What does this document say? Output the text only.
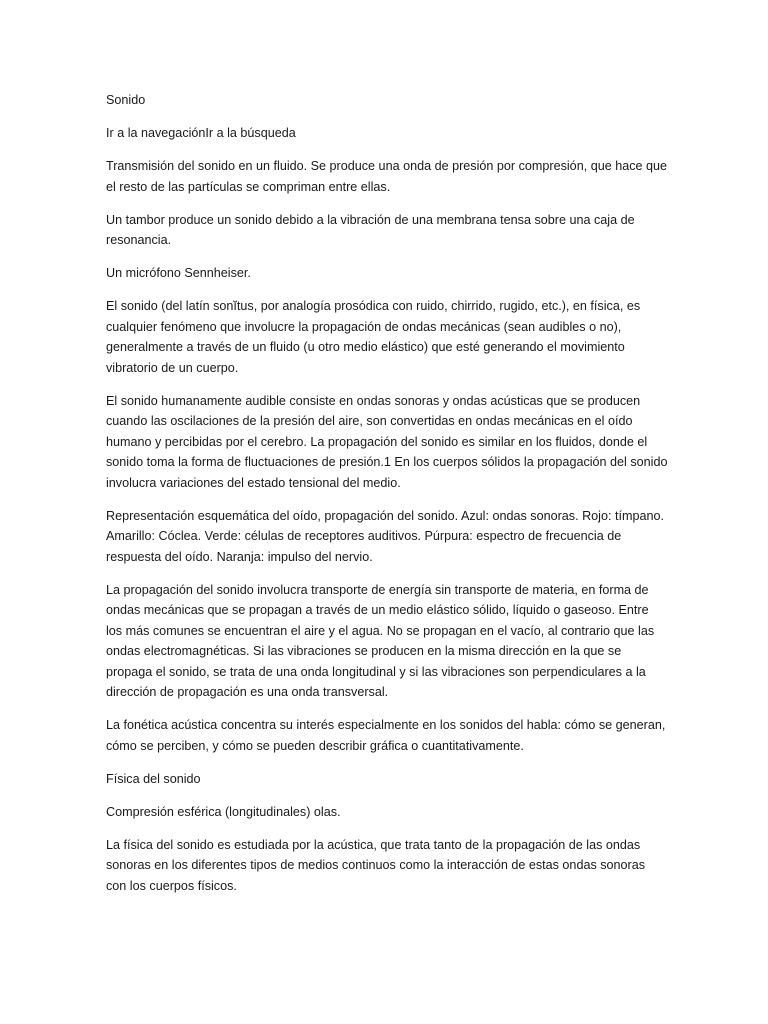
Sonido

Ir a la navegaciónIr a la búsqueda

Transmisión del sonido en un fluido. Se produce una onda de presión por compresión, que hace que el resto de las partículas se compriman entre ellas.

Un tambor produce un sonido debido a la vibración de una membrana tensa sobre una caja de resonancia.

Un micrófono Sennheiser.

El sonido (del latín sonĭtus, por analogía prosódica con ruido, chirrido, rugido, etc.), en física, es cualquier fenómeno que involucre la propagación de ondas mecánicas (sean audibles o no), generalmente a través de un fluido (u otro medio elástico) que esté generando el movimiento vibratorio de un cuerpo.

El sonido humanamente audible consiste en ondas sonoras y ondas acústicas que se producen cuando las oscilaciones de la presión del aire, son convertidas en ondas mecánicas en el oído humano y percibidas por el cerebro. La propagación del sonido es similar en los fluidos, donde el sonido toma la forma de fluctuaciones de presión.1 En los cuerpos sólidos la propagación del sonido involucra variaciones del estado tensional del medio.

Representación esquemática del oído, propagación del sonido. Azul: ondas sonoras. Rojo: tímpano. Amarillo: Cóclea. Verde: células de receptores auditivos. Púrpura: espectro de frecuencia de respuesta del oído. Naranja: impulso del nervio.

La propagación del sonido involucra transporte de energía sin transporte de materia, en forma de ondas mecánicas que se propagan a través de un medio elástico sólido, líquido o gaseoso. Entre los más comunes se encuentran el aire y el agua. No se propagan en el vacío, al contrario que las ondas electromagnéticas. Si las vibraciones se producen en la misma dirección en la que se propaga el sonido, se trata de una onda longitudinal y si las vibraciones son perpendiculares a la dirección de propagación es una onda transversal.

La fonética acústica concentra su interés especialmente en los sonidos del habla: cómo se generan, cómo se perciben, y cómo se pueden describir gráfica o cuantitativamente.

Física del sonido

Compresión esférica (longitudinales) olas.

La física del sonido es estudiada por la acústica, que trata tanto de la propagación de las ondas sonoras en los diferentes tipos de medios continuos como la interacción de estas ondas sonoras con los cuerpos físicos.
